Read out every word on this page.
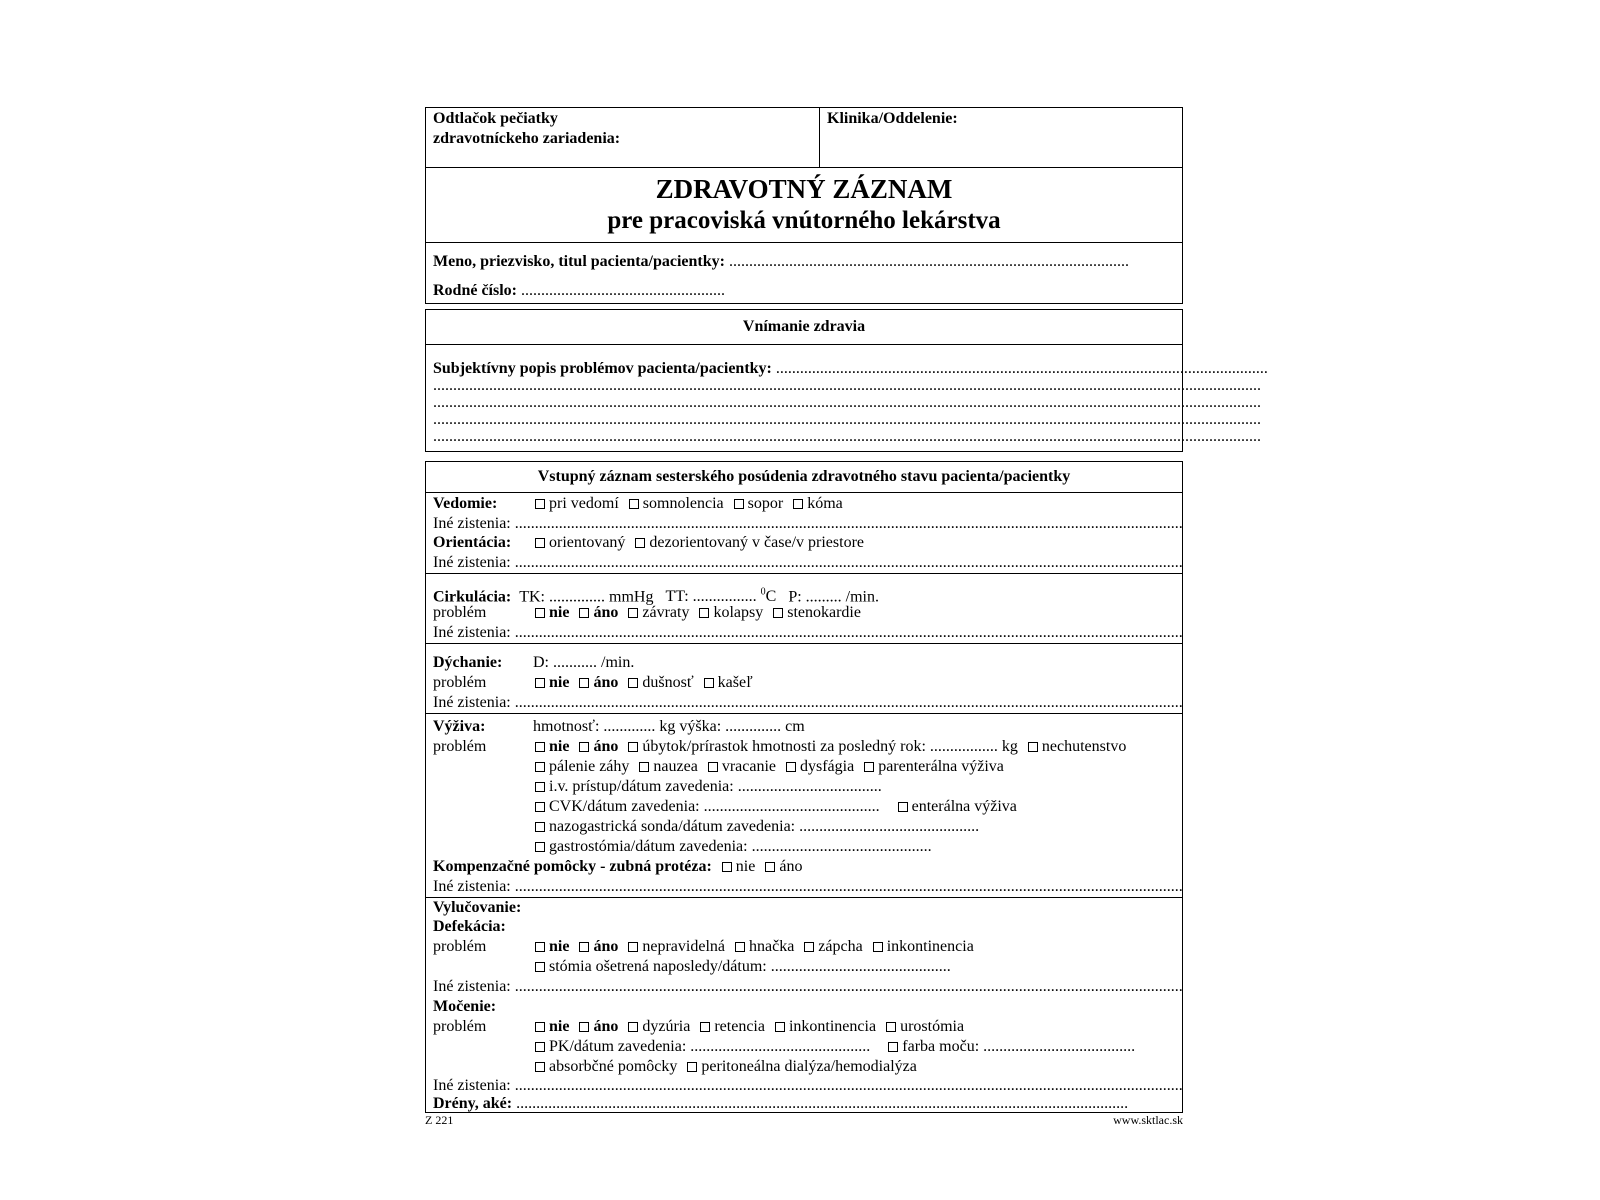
Odtlačok pečiatky
zdravotníckeho zariadenia:
Klinika/Oddelenie:
ZDRAVOTNÝ ZÁZNAM
pre pracoviská vnútorného lekárstva
Meno, priezvisko, titul pacienta/pacientky: ....................................................................................................
Rodné číslo: ...................................................
Vnímanie zdravia
Subjektívny popis problémov pacienta/pacientky: ...........................................................................................................................
...............................................................................................................................................................................................................
...............................................................................................................................................................................................................
...............................................................................................................................................................................................................
...............................................................................................................................................................................................................
Vstupný záznam sesterského posúdenia zdravotného stavu pacienta/pacientky
Vedomie:	pri vedomí somnolencia sopor kóma
Iné zistenia: .......................................................................................................................................................................
Orientácia: orientovaný dezorientovaný v čase/v priestore
Iné zistenia: .......................................................................................................................................................................
Cirkulácia: TK: .............. mmHg TT: ................ $^0$C P: ......... /min.
problém	nie áno závraty kolapsy stenokardie
Iné zistenia: .......................................................................................................................................................................
Dýchanie: D: ........... /min.
problém	nie áno dušnosť kašeľ
Iné zistenia: .......................................................................................................................................................................
Výživa:	hmotnosť: ............. kg výška: .............. cm
problém	nie áno úbytok/prírastok hmotnosti za posledný rok: ................. kg nechutenstvo
pálenie záhy nauzea vracanie dysfágia parenterálna výživa
i.v. prístup/dátum zavedenia: ....................................
CVK/dátum zavedenia: ............................................ enterálna výživa
nazogastrická sonda/dátum zavedenia: .............................................
gastrostómia/dátum zavedenia: .............................................
Kompenzačné pomôcky - zubná protéza: nie áno
Iné zistenia: .......................................................................................................................................................................
Vylučovanie:
Defekácia:
problém	nie áno nepravidelná hnačka zápcha inkontinencia
stómia ošetrená naposledy/dátum: .............................................
Iné zistenia: .......................................................................................................................................................................
Močenie:
problém	nie áno dyzúria retencia inkontinencia urostómia
PK/dátum zavedenia: ............................................. farba moču: ......................................
absorbčné pomôcky peritoneálna dialýza/hemodialýza
Iné zistenia: .......................................................................................................................................................................
Drény, aké: .........................................................................................................................................................
Z 221	www.sktlac.sk
